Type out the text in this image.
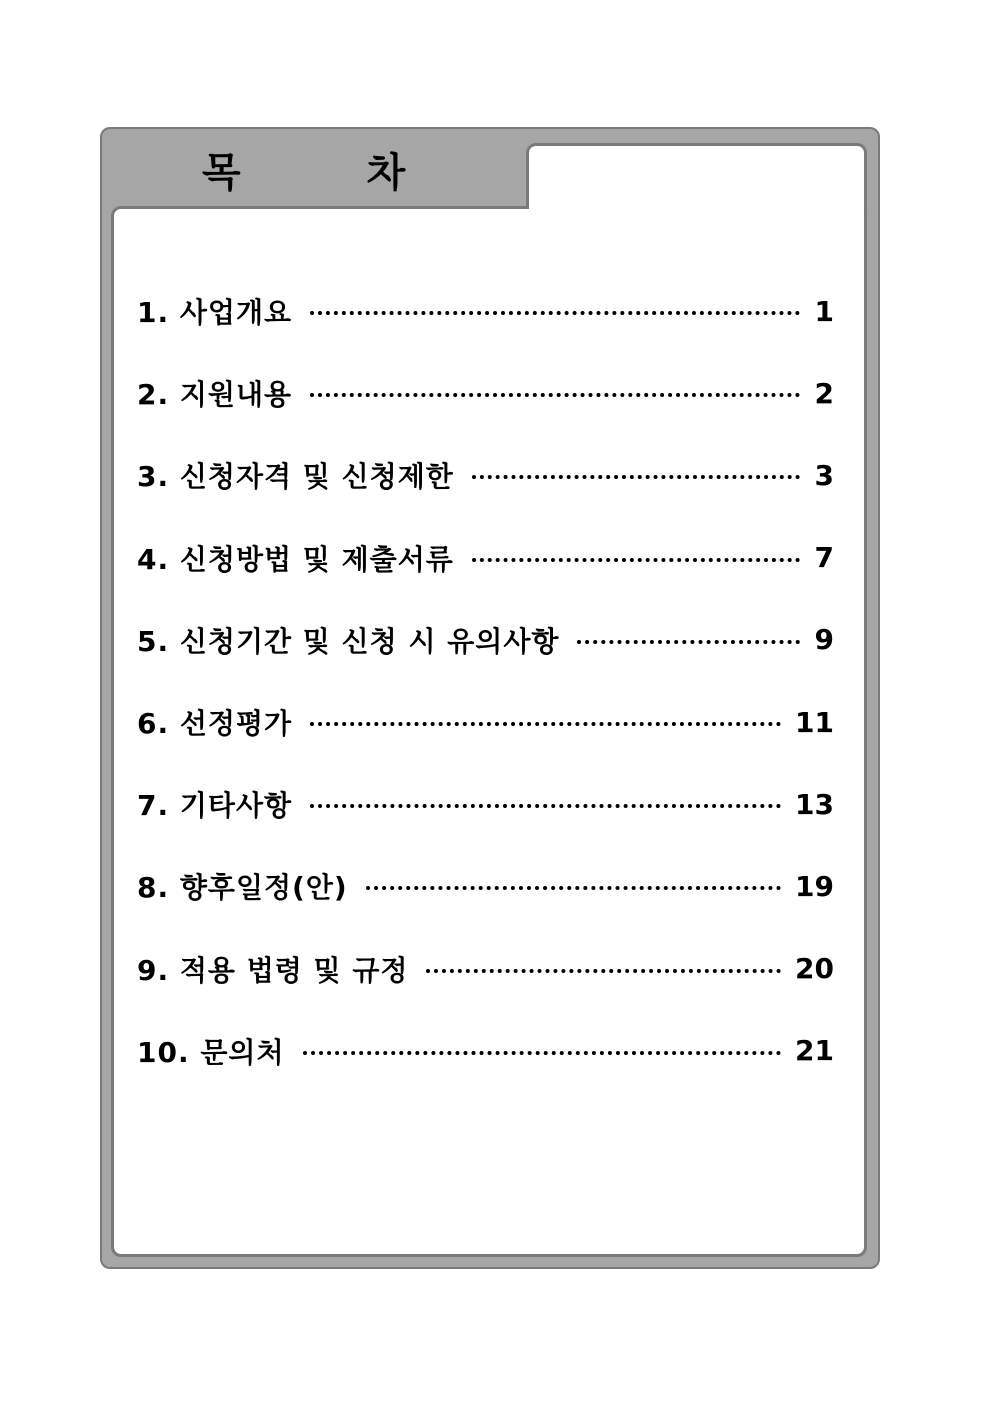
목 차
1. 사업개요	1
2. 지원내용	2
3. 신청자격 및 신청제한	3
4. 신청방법 및 제출서류	7
5. 신청기간 및 신청 시 유의사항	9
6. 선정평가	11
7. 기타사항	13
8. 향후일정(안)	19
9. 적용 법령 및 규정	20
10. 문의처	21
